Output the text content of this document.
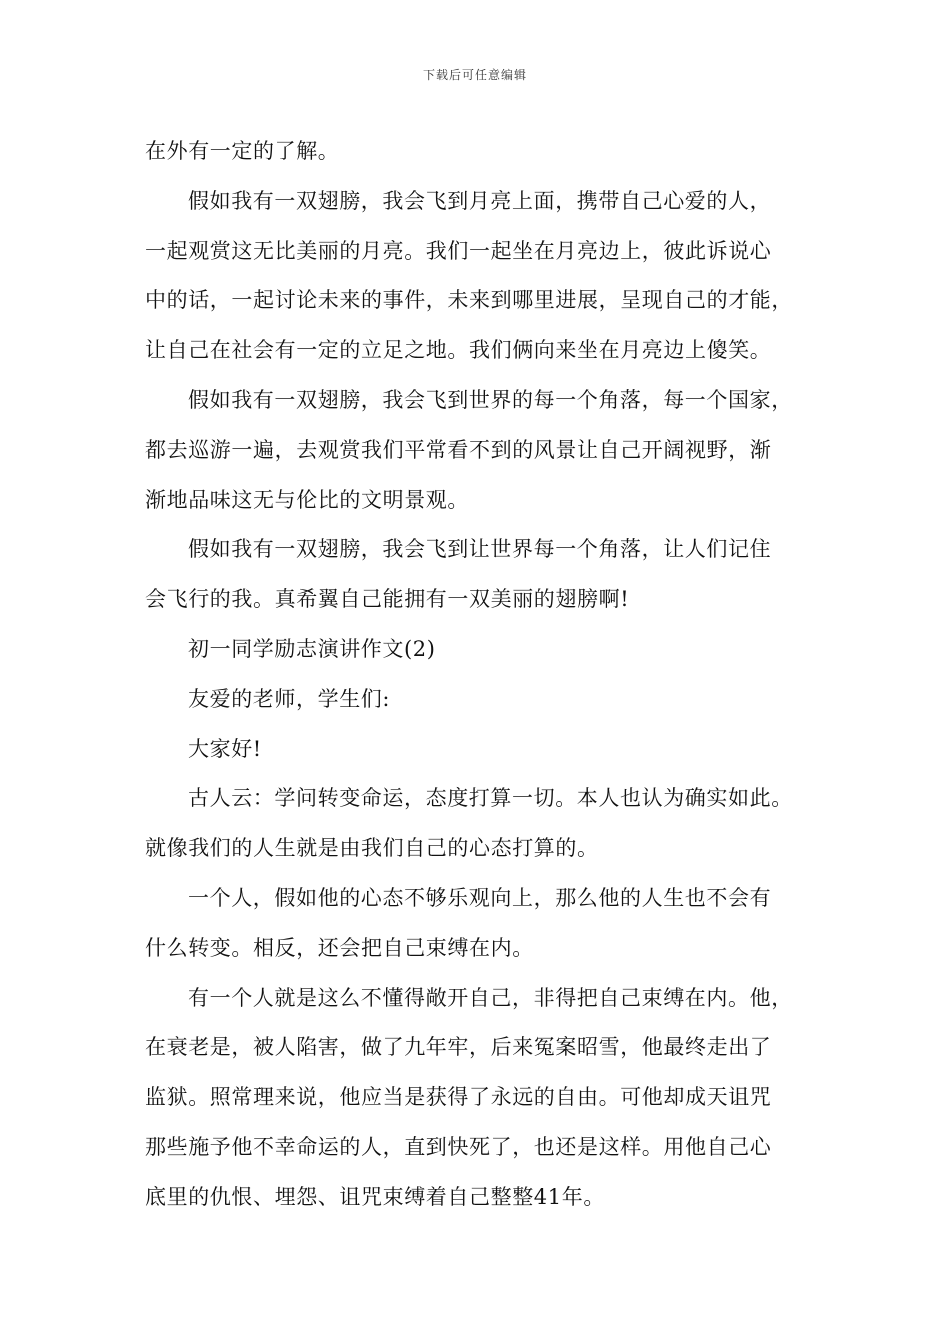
下载后可任意编辑
在外有一定的了解。
假如我有一双翅膀，我会飞到月亮上面，携带自己心爱的人，
一起观赏这无比美丽的月亮。我们一起坐在月亮边上，彼此诉说心
中的话，一起讨论未来的事件，未来到哪里进展，呈现自己的才能，
让自己在社会有一定的立足之地。我们俩向来坐在月亮边上傻笑。
假如我有一双翅膀，我会飞到世界的每一个角落，每一个国家，
都去巡游一遍，去观赏我们平常看不到的风景让自己开阔视野，渐
渐地品味这无与伦比的文明景观。
假如我有一双翅膀，我会飞到让世界每一个角落，让人们记住
会飞行的我。真希翼自己能拥有一双美丽的翅膀啊!
初一同学励志演讲作文(2)
友爱的老师，学生们:
大家好!
古人云：学问转变命运，态度打算一切。本人也认为确实如此。
就像我们的人生就是由我们自己的心态打算的。
一个人，假如他的心态不够乐观向上，那么他的人生也不会有
什么转变。相反，还会把自己束缚在内。
有一个人就是这么不懂得敞开自己，非得把自己束缚在内。他，
在衰老是，被人陷害，做了九年牢，后来冤案昭雪，他最终走出了
监狱。照常理来说，他应当是获得了永远的自由。可他却成天诅咒
那些施予他不幸命运的人，直到快死了，也还是这样。用他自己心
底里的仇恨、埋怨、诅咒束缚着自己整整41年。
